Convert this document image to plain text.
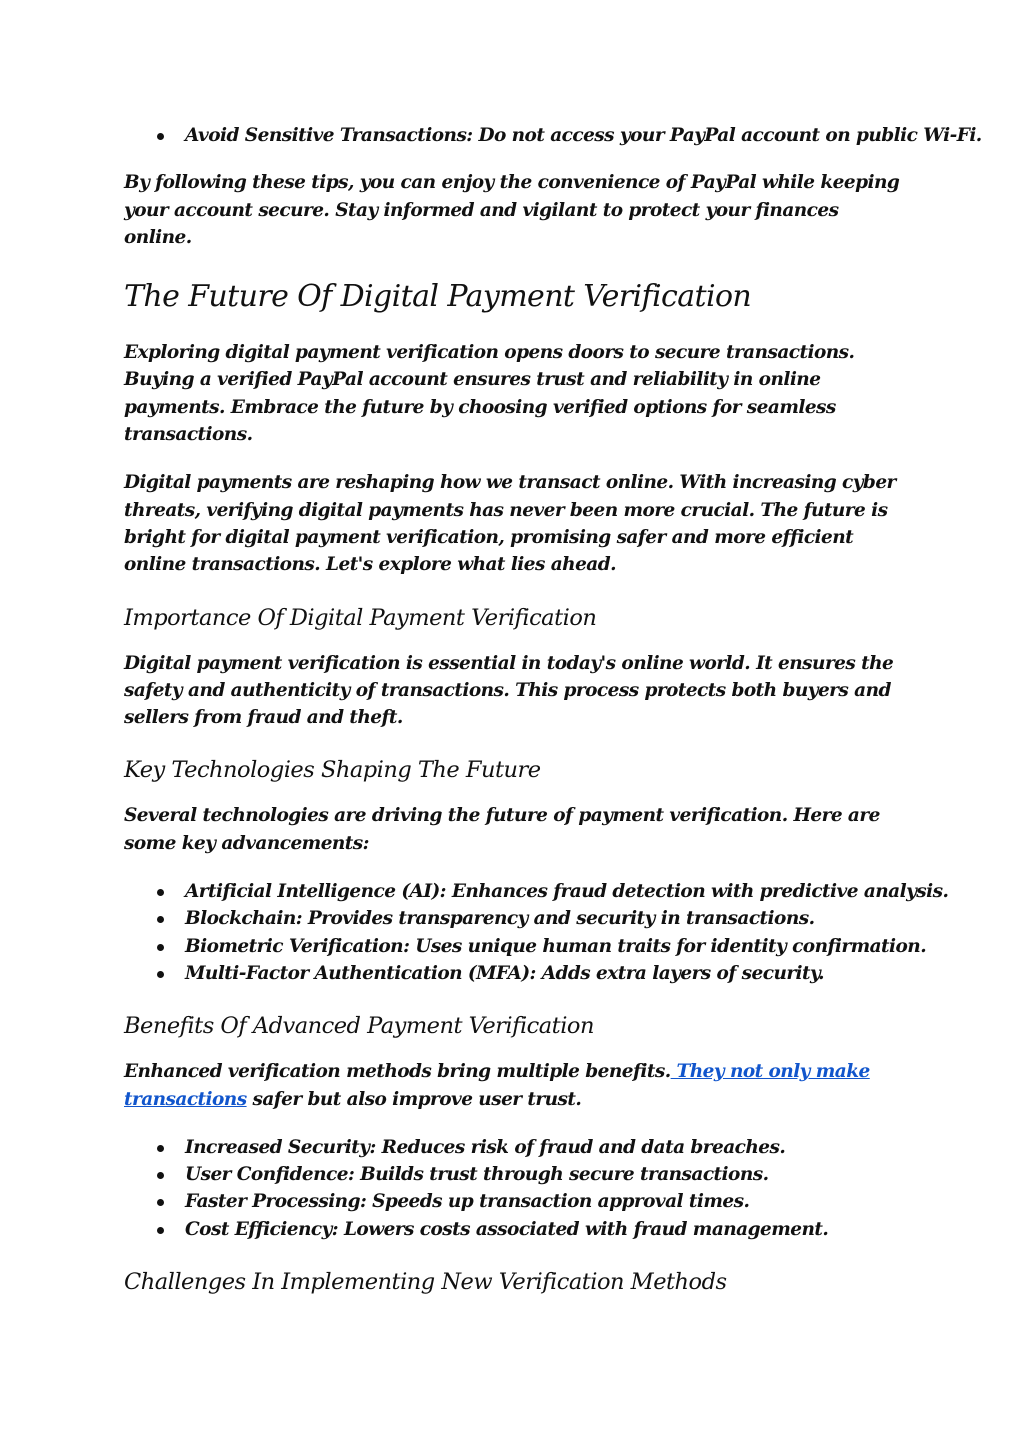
Avoid Sensitive Transactions: Do not access your PayPal account on public Wi-Fi.

By following these tips, you can enjoy the convenience of PayPal while keeping your account secure. Stay informed and vigilant to protect your finances online.

The Future Of Digital Payment Verification

Exploring digital payment verification opens doors to secure transactions. Buying a verified PayPal account ensures trust and reliability in online payments. Embrace the future by choosing verified options for seamless transactions.

Digital payments are reshaping how we transact online. With increasing cyber threats, verifying digital payments has never been more crucial. The future is bright for digital payment verification, promising safer and more efficient online transactions. Let's explore what lies ahead.

Importance Of Digital Payment Verification

Digital payment verification is essential in today's online world. It ensures the safety and authenticity of transactions. This process protects both buyers and sellers from fraud and theft.

Key Technologies Shaping The Future

Several technologies are driving the future of payment verification. Here are some key advancements:

Artificial Intelligence (AI): Enhances fraud detection with predictive analysis.
Blockchain: Provides transparency and security in transactions.
Biometric Verification: Uses unique human traits for identity confirmation.
Multi-Factor Authentication (MFA): Adds extra layers of security.
Benefits Of Advanced Payment Verification

Enhanced verification methods bring multiple benefits. They not only make transactions safer but also improve user trust.

Increased Security: Reduces risk of fraud and data breaches.
User Confidence: Builds trust through secure transactions.
Faster Processing: Speeds up transaction approval times.
Cost Efficiency: Lowers costs associated with fraud management.
Challenges In Implementing New Verification Methods
